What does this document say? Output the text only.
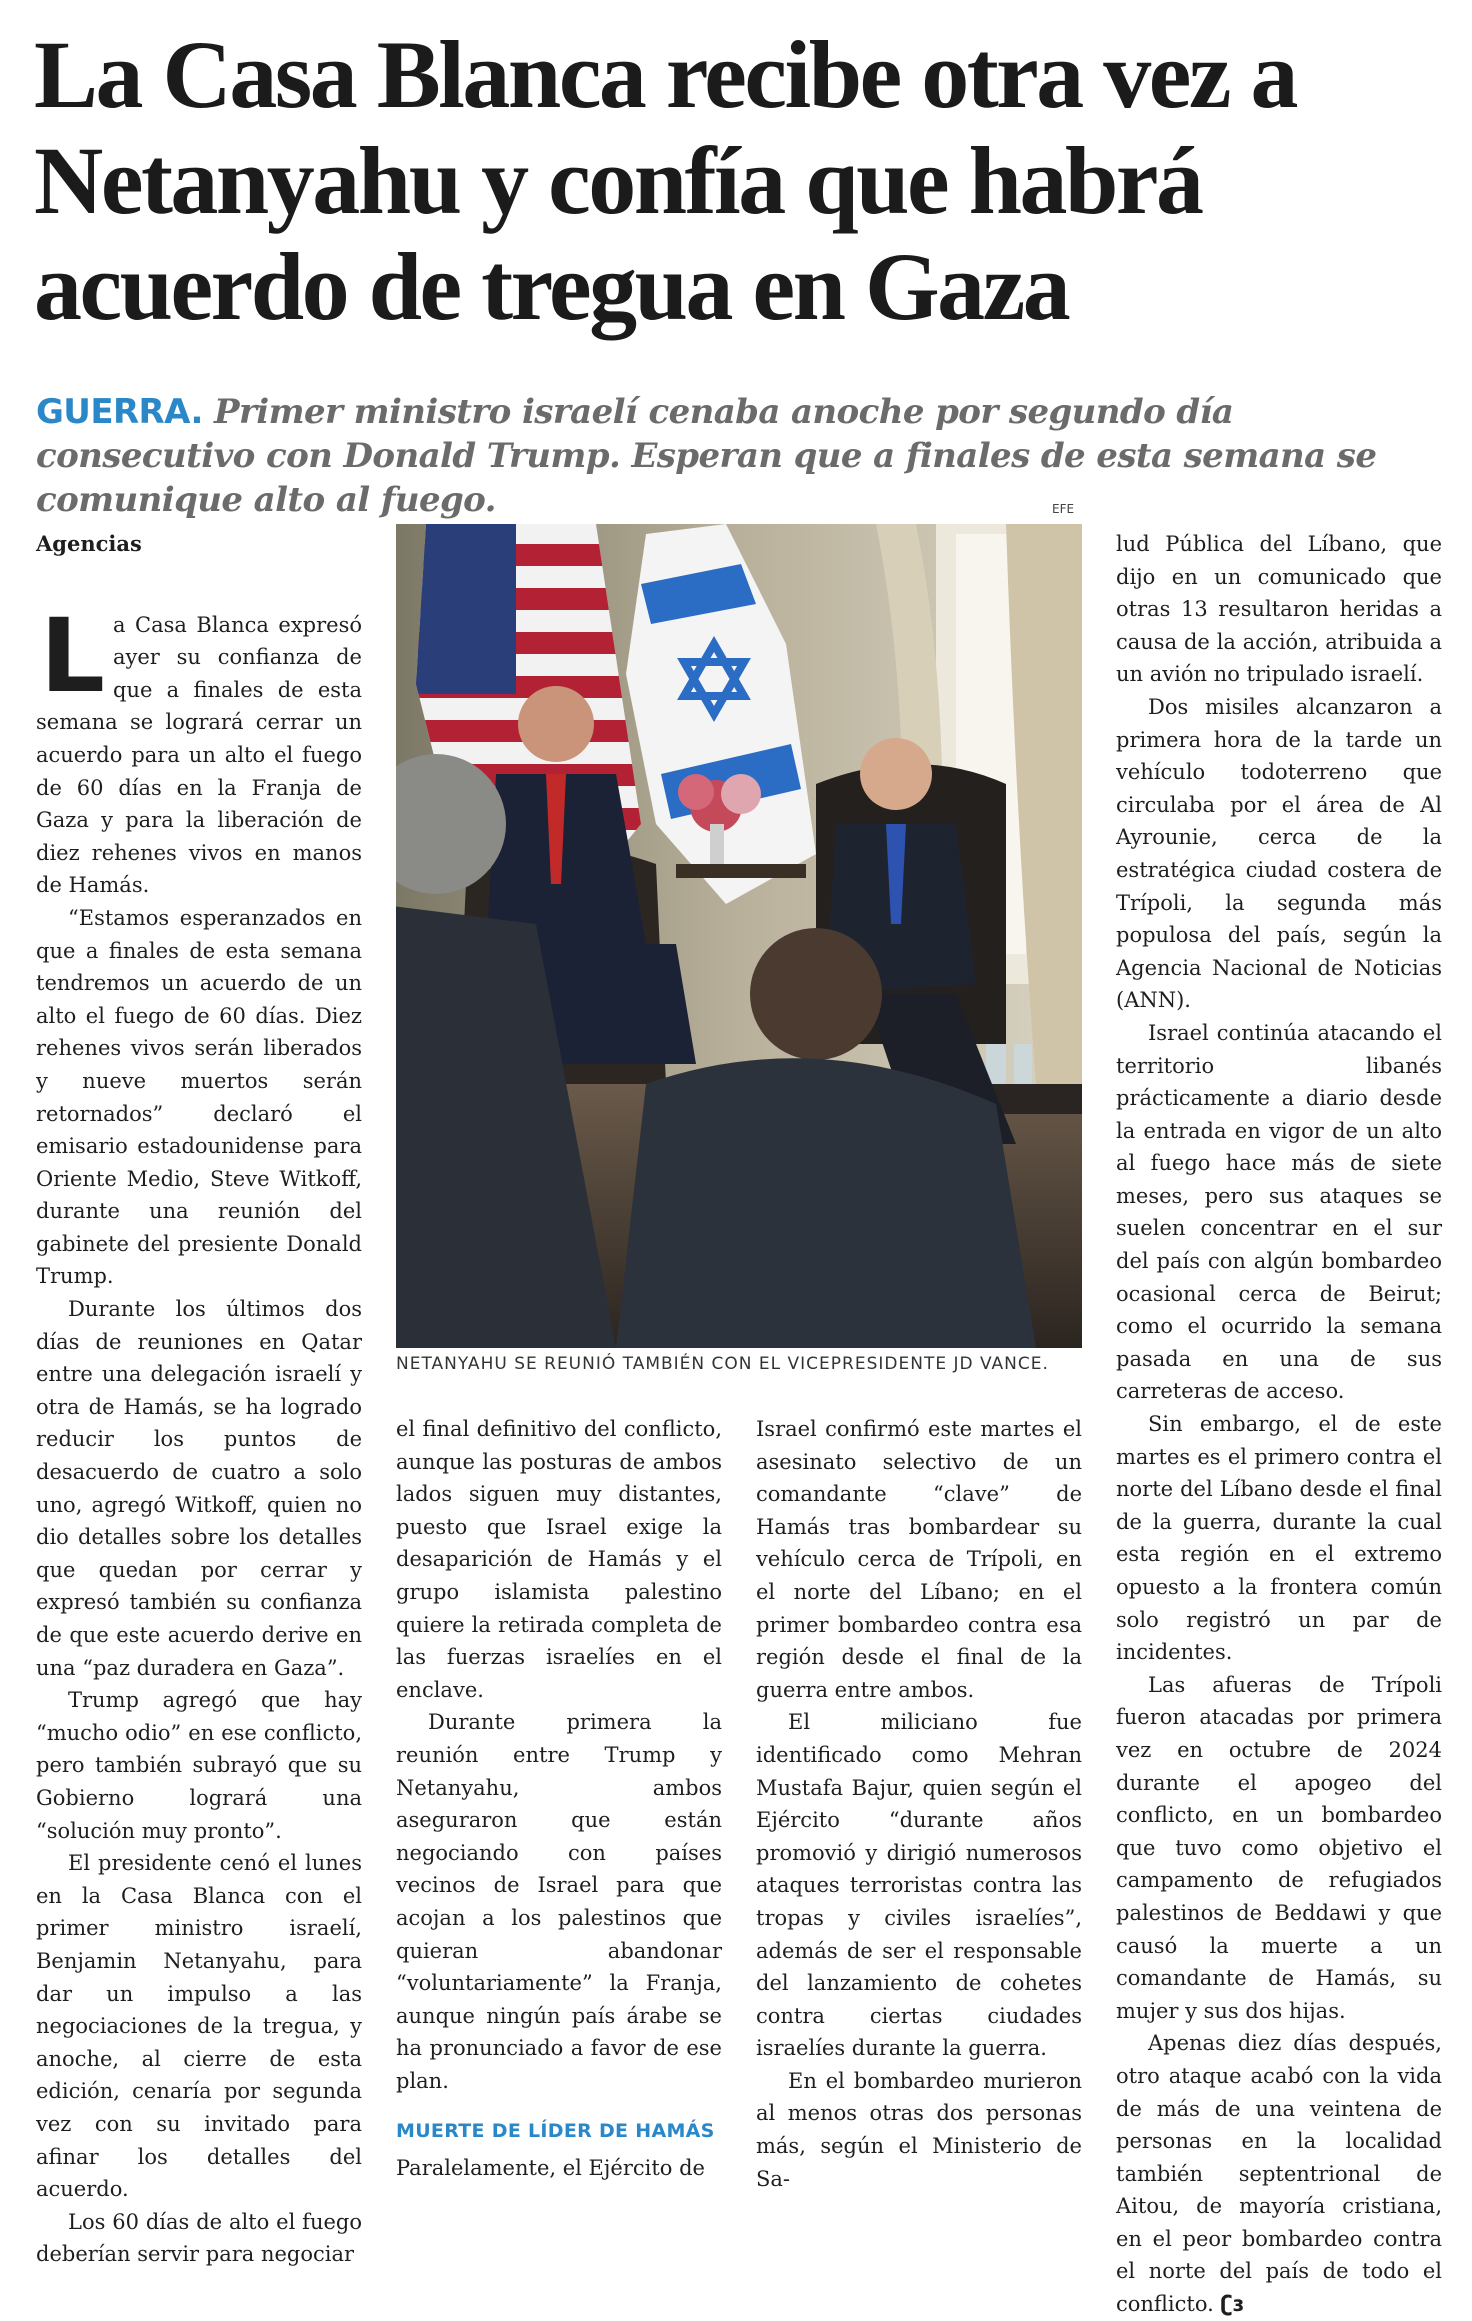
La Casa Blanca recibe otra vez a Netanyahu y confía que habrá acuerdo de tregua en Gaza

GUERRA. Primer ministro israelí cenaba anoche por segundo día consecutivo con Donald Trump. Esperan que a finales de esta semana se comunique alto al fuego.

Agencias

La Casa Blanca expresó ayer su confianza de que a finales de esta semana se logrará cerrar un acuerdo para un alto el fuego de 60 días en la Franja de Gaza y para la liberación de diez rehenes vivos en manos de Hamás.

“Estamos esperanzados en que a finales de esta semana tendremos un acuerdo de un alto el fuego de 60 días. Diez rehenes vivos serán liberados y nueve muertos serán retornados” declaró el emisario estadounidense para Oriente Medio, Steve Witkoff, durante una reunión del gabinete del presiente Donald Trump.

Durante los últimos dos días de reuniones en Qatar entre una delegación israelí y otra de Hamás, se ha logrado reducir los puntos de desacuerdo de cuatro a solo uno, agregó Witkoff, quien no dio detalles sobre los detalles que quedan por cerrar y expresó también su confianza de que este acuerdo derive en una “paz duradera en Gaza”.

Trump agregó que hay “mucho odio” en ese conflicto, pero también subrayó que su Gobierno logrará una “solución muy pronto”.

El presidente cenó el lunes en la Casa Blanca con el primer ministro israelí, Benjamin Netanyahu, para dar un impulso a las negociaciones de la tregua, y anoche, al cierre de esta edición, cenaría por segunda vez con su invitado para afinar los detalles del acuerdo.

Los 60 días de alto el fuego deberían servir para negociar

EFE
NETANYAHU SE REUNIÓ TAMBIÉN CON EL VICEPRESIDENTE JD VANCE.

el final definitivo del conflicto, aunque las posturas de ambos lados siguen muy distantes, puesto que Israel exige la desaparición de Hamás y el grupo islamista palestino quiere la retirada completa de las fuerzas israelíes en el enclave.

Durante primera la reunión entre Trump y Netanyahu, ambos aseguraron que están negociando con países vecinos de Israel para que acojan a los palestinos que quieran abandonar “voluntariamente” la Franja, aunque ningún país árabe se ha pronunciado a favor de ese plan.

MUERTE DE LÍDER DE HAMÁS

Paralelamente, el Ejército de

Israel confirmó este martes el asesinato selectivo de un comandante “clave” de Hamás tras bombardear su vehículo cerca de Trípoli, en el norte del Líbano; en el primer bombardeo contra esa región desde el final de la guerra entre ambos.

El miliciano fue identificado como Mehran Mustafa Bajur, quien según el Ejército “durante años promovió y dirigió numerosos ataques terroristas contra las tropas y civiles israelíes”, además de ser el responsable del lanzamiento de cohetes contra ciertas ciudades israelíes durante la guerra.

En el bombardeo murieron al menos otras dos personas más, según el Ministerio de Sa-

lud Pública del Líbano, que dijo en un comunicado que otras 13 resultaron heridas a causa de la acción, atribuida a un avión no tripulado israelí.

Dos misiles alcanzaron a primera hora de la tarde un vehículo todoterreno que circulaba por el área de Al Ayrounie, cerca de la estratégica ciudad costera de Trípoli, la segunda más populosa del país, según la Agencia Nacional de Noticias (ANN).

Israel continúa atacando el territorio libanés prácticamente a diario desde la entrada en vigor de un alto al fuego hace más de siete meses, pero sus ataques se suelen concentrar en el sur del país con algún bombardeo ocasional cerca de Beirut; como el ocurrido la semana pasada en una de sus carreteras de acceso.

Sin embargo, el de este martes es el primero contra el norte del Líbano desde el final de la guerra, durante la cual esta región en el extremo opuesto a la frontera común solo registró un par de incidentes.

Las afueras de Trípoli fueron atacadas por primera vez en octubre de 2024 durante el apogeo del conflicto, en un bombardeo que tuvo como objetivo el campamento de refugiados palestinos de Beddawi y que causó la muerte a un comandante de Hamás, su mujer y sus dos hijas.

Apenas diez días después, otro ataque acabó con la vida de más de una veintena de personas en la localidad también septentrional de Aitou, de mayoría cristiana, en el peor bombardeo contra el norte del país de todo el conflicto. ʗɜ
